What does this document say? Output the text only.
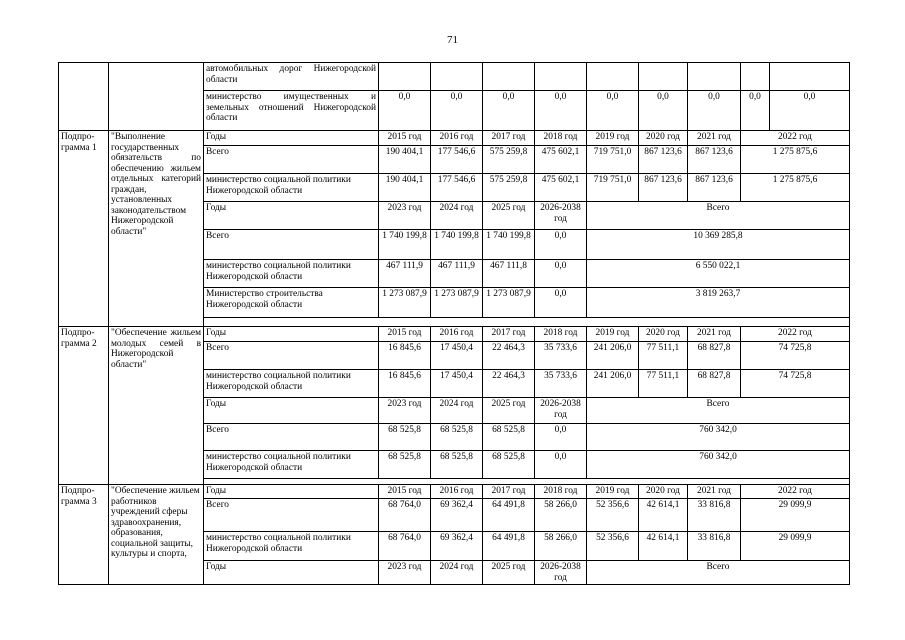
71
		автомобильных дорог Нижегородской области									
		министерство имущественных и земельных отношений Нижегородской области	0,0	0,0	0,0	0,0	0,0	0,0	0,0	0,0	0,0
Подпро-грамма 1	"Выполнение государственных обязательств по обеспечению жильем отдельных категорий граждан, установленных законодательством Нижегородской области"	Годы	2015 год	2016 год	2017 год	2018 год	2019 год	2020 год	2021 год	2022 год	
		Всего	190 404,1	177 546,6	575 259,8	475 602,1	719 751,0	867 123,6	867 123,6	1 275 875,6	
		министерство социальной политики Нижегородской области	190 404,1	177 546,6	575 259,8	475 602,1	719 751,0	867 123,6	867 123,6	1 275 875,6	
		Годы	2023 год	2024 год	2025 год	2026-2038 год	Всего				
		Всего	1 740 199,8	1 740 199,8	1 740 199,8	0,0	10 369 285,8				
		министерство социальной политики Нижегородской области	467 111,9	467 111,9	467 111,8	0,0	6 550 022,1				
		Министерство строительства Нижегородской области	1 273 087,9	1 273 087,9	1 273 087,9	0,0	3 819 263,7				

Подпро-грамма 2	"Обеспечение жильем молодых семей в Нижегородской области"	Годы	2015 год	2016 год	2017 год	2018 год	2019 год	2020 год	2021 год	2022 год	
		Всего	16 845,6	17 450,4	22 464,3	35 733,6	241 206,0	77 511,1	68 827,8	74 725,8	
		министерство социальной политики Нижегородской области	16 845,6	17 450,4	22 464,3	35 733,6	241 206,0	77 511,1	68 827,8	74 725,8	
		Годы	2023 год	2024 год	2025 год	2026-2038 год	Всего				
		Всего	68 525,8	68 525,8	68 525,8	0,0	760 342,0				
		министерство социальной политики Нижегородской области	68 525,8	68 525,8	68 525,8	0,0	760 342,0				

Подпро-грамма 3	"Обеспечение жильем работников учреждений сферы здравоохранения, образования, социальной защиты, культуры и спорта,	Годы	2015 год	2016 год	2017 год	2018 год	2019 год	2020 год	2021 год	2022 год	
		Всего	68 764,0	69 362,4	64 491,8	58 266,0	52 356,6	42 614,1	33 816,8	29 099,9	
		министерство социальной политики Нижегородской области	68 764,0	69 362,4	64 491,8	58 266,0	52 356,6	42 614,1	33 816,8	29 099,9	
		Годы	2023 год	2024 год	2025 год	2026-2038 год	Всего				
